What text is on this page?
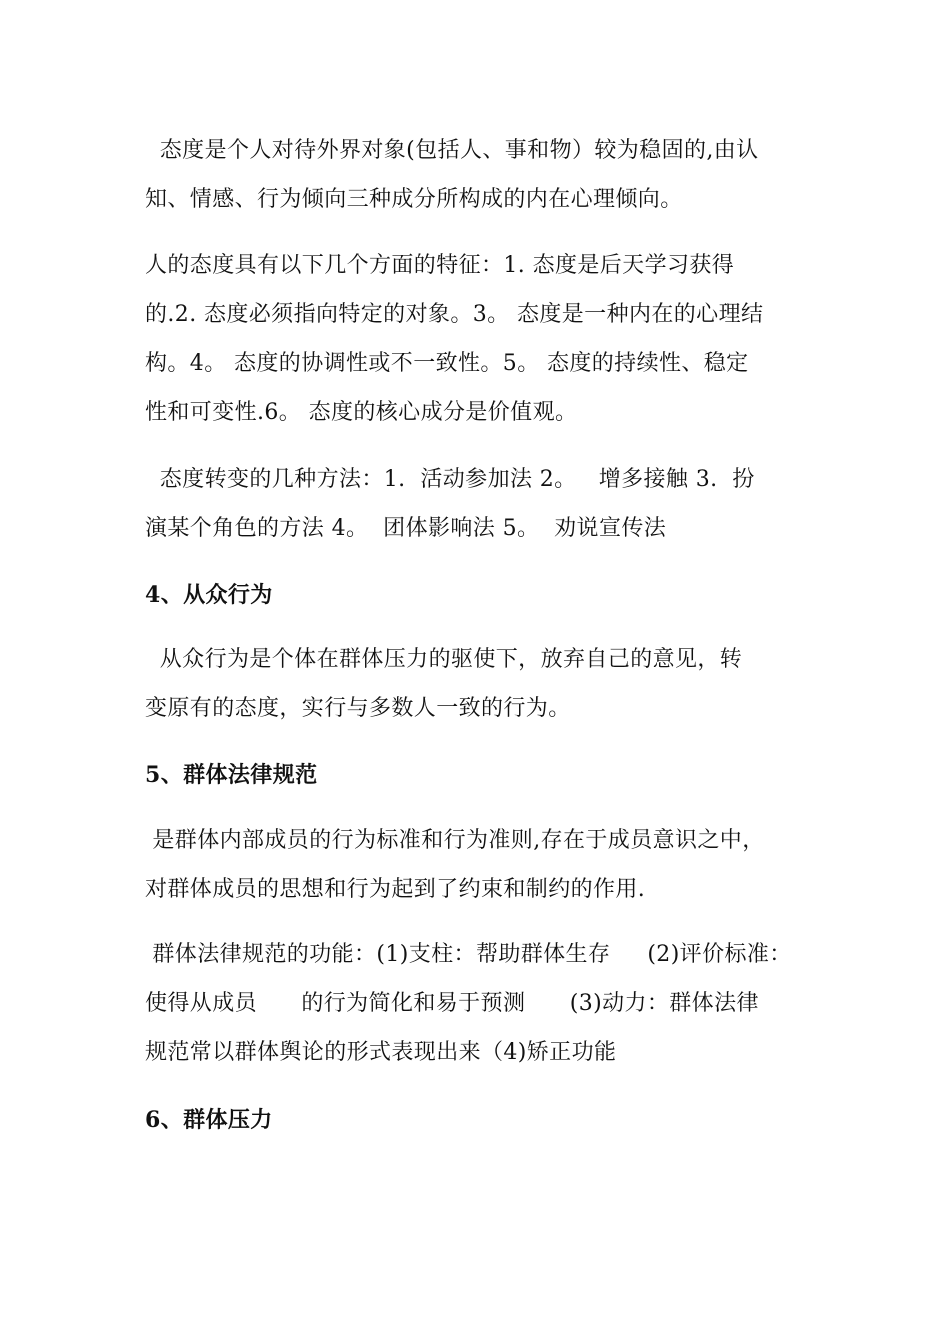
态度是个人对待外界对象(包括人、事和物）较为稳固的,由认
知、情感、行为倾向三种成分所构成的内在心理倾向。
人的态度具有以下几个方面的特征：1. 态度是后天学习获得
的.2. 态度必须指向特定的对象。3。 态度是一种内在的心理结
构。4。 态度的协调性或不一致性。5。 态度的持续性、稳定
性和可变性.6。 态度的核心成分是价值观。
态度转变的几种方法：1.  活动参加法 2。   增多接触 3.  扮
演某个角色的方法 4。  团体影响法 5。  劝说宣传法
4、从众行为
从众行为是个体在群体压力的驱使下，放弃自己的意见，转
变原有的态度，实行与多数人一致的行为。
5、群体法律规范
是群体内部成员的行为标准和行为准则,存在于成员意识之中，
对群体成员的思想和行为起到了约束和制约的作用.
群体法律规范的功能：(1)支柱：帮助群体生存     (2)评价标准：
使得从成员      的行为简化和易于预测      (3)动力：群体法律
规范常以群体舆论的形式表现出来（4)矫正功能
6、群体压力
